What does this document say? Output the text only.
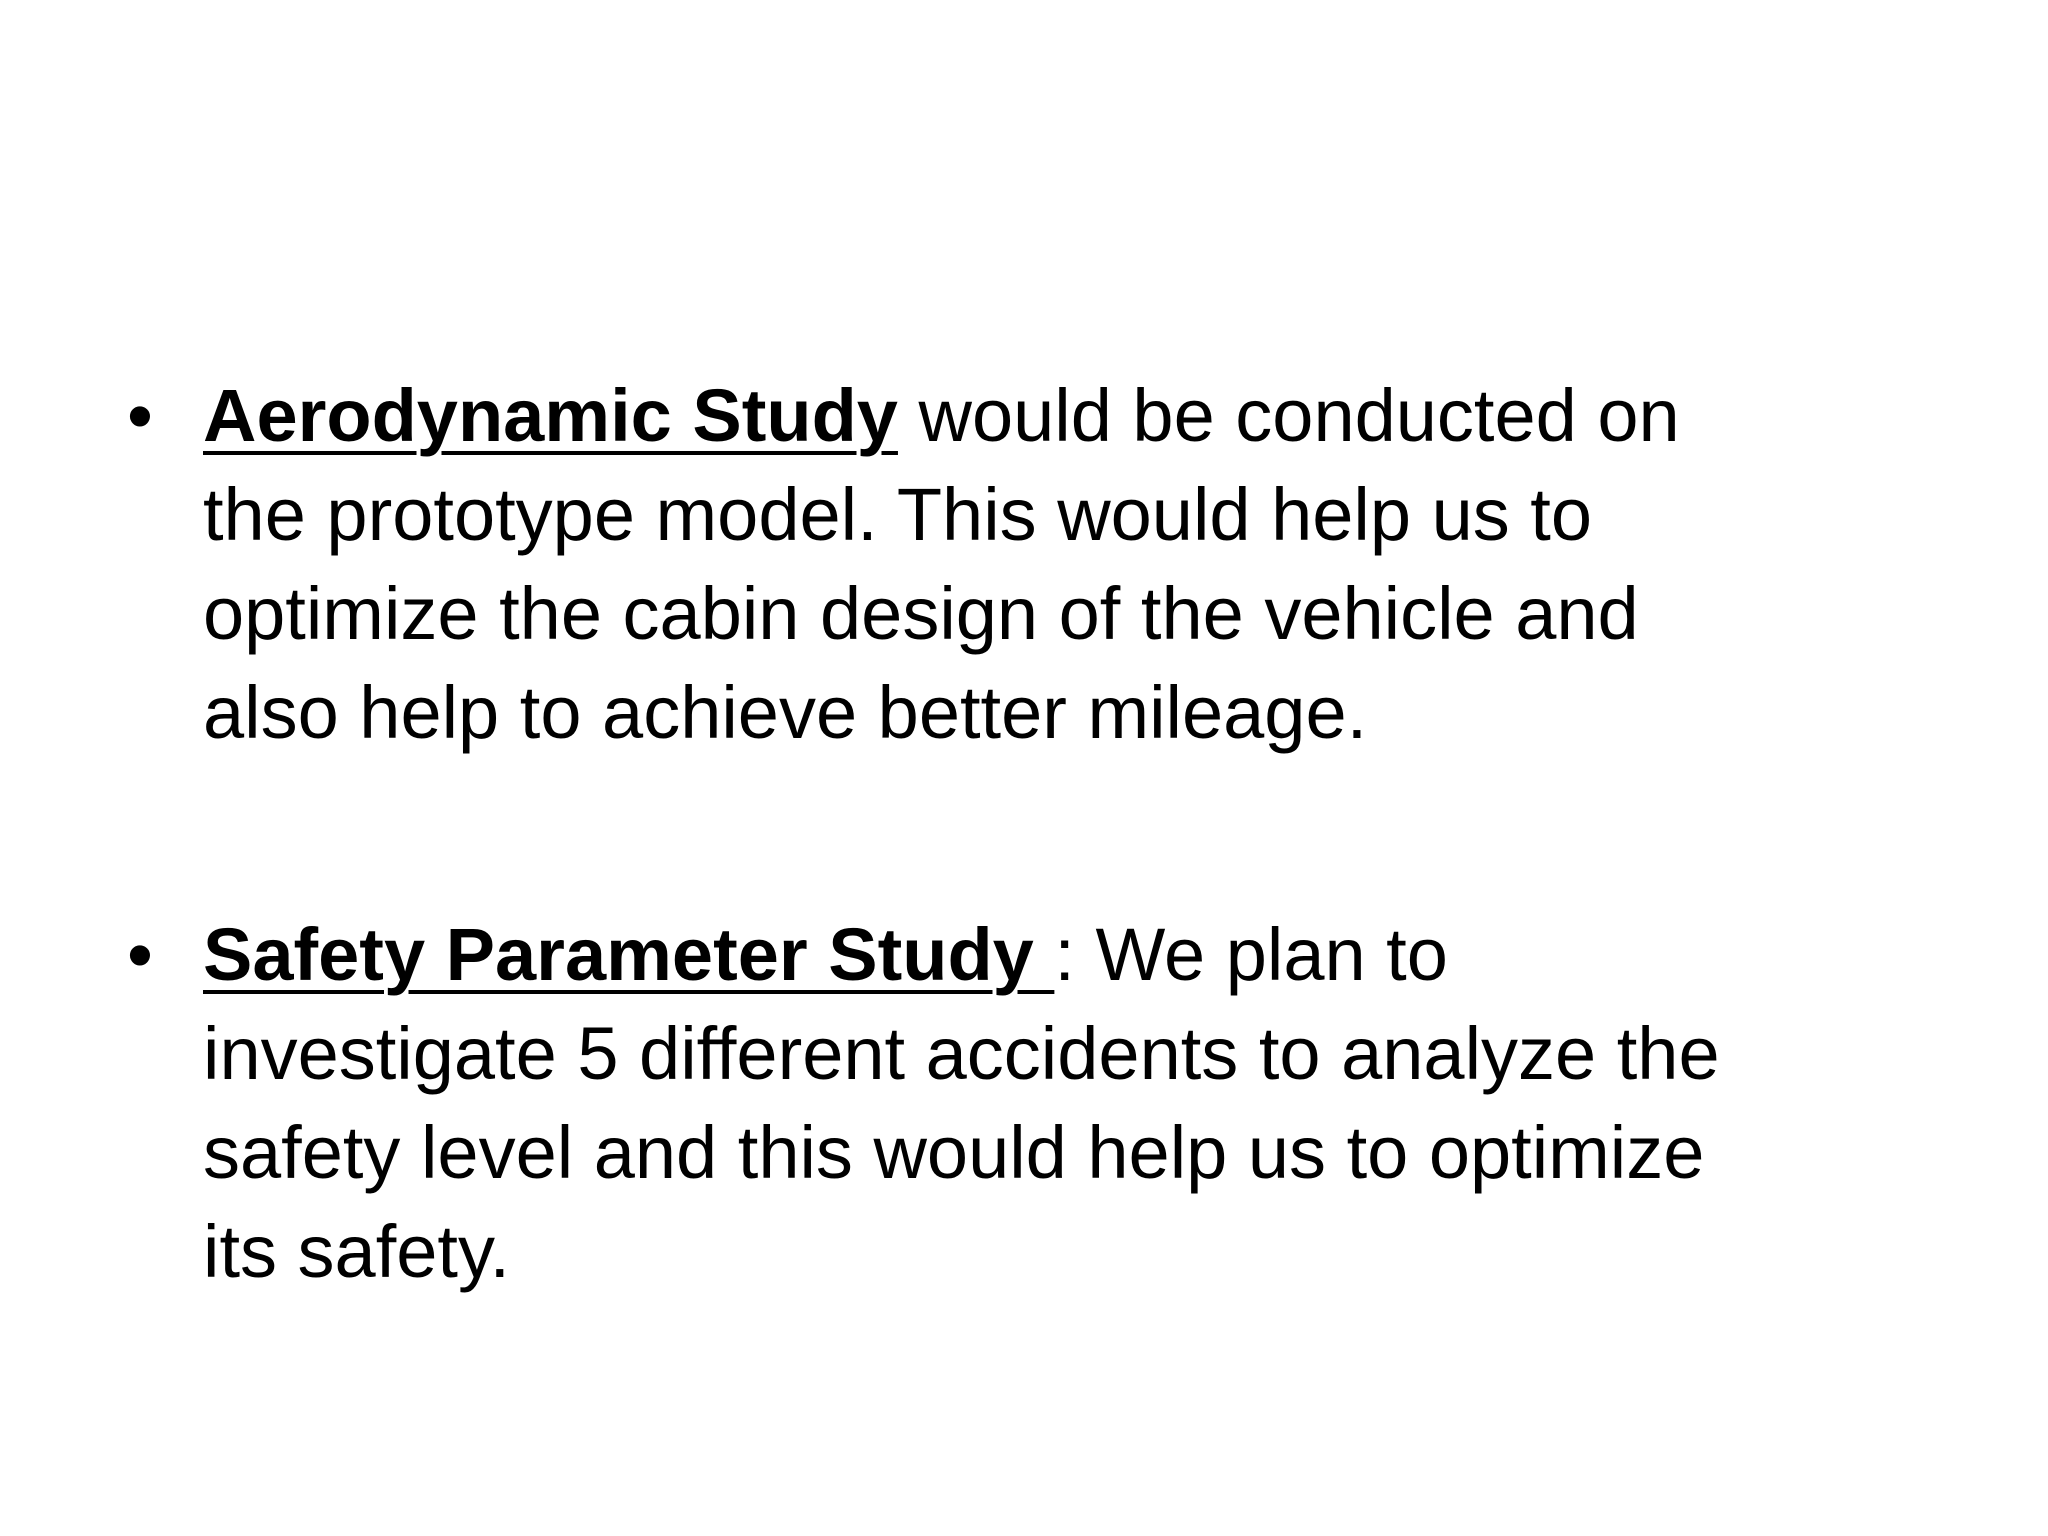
• Aerodynamic Study would be conducted on
the prototype model. This would help us to
optimize the cabin design of the vehicle and
also help to achieve better mileage.
• Safety Parameter Study : We plan to
investigate 5 different accidents to analyze the
safety level and this would help us to optimize
its safety.
